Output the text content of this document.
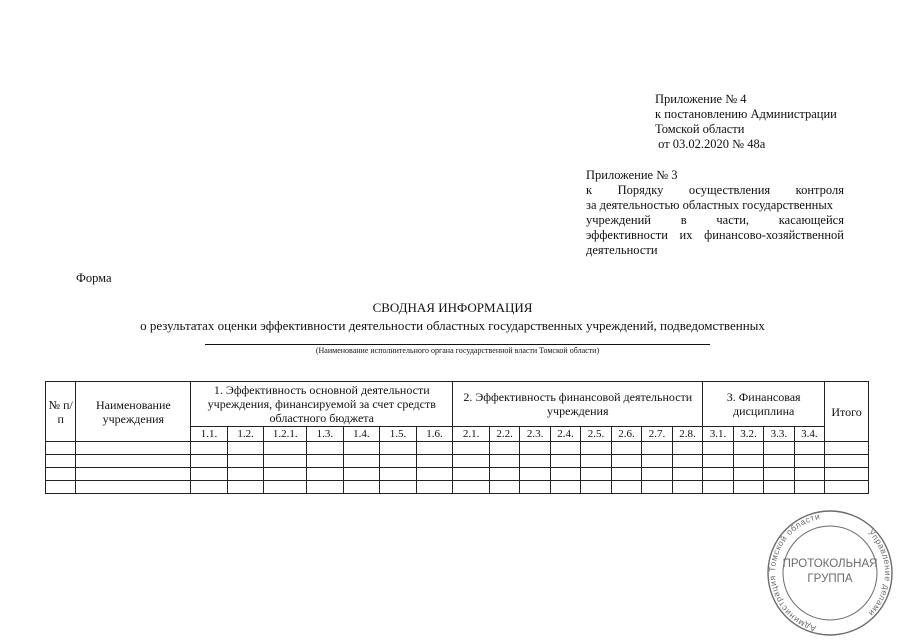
Приложение № 4
к постановлению Администрации
Томской области
от 03.02.2020 № 48а
Приложение № 3
к Порядку осуществления контроля
за деятельностью областных государственных
учреждений в части, касающейся
эффективности их финансово-хозяйственной
деятельности
Форма
СВОДНАЯ ИНФОРМАЦИЯ
о результатах оценки эффективности деятельности областных государственных учреждений, подведомственных
(Наименование исполнительного органа государственной власти Томской области)
№ п/п	Наименование учреждения	1. Эффективность основной деятельности учреждения, финансируемой за счет средств областного бюджета							2. Эффективность финансовой деятельности учреждения								3. Финансовая дисциплина				Итого
		1.1.	1.2.	1.2.1.	1.3.	1.4.	1.5.	1.6.	2.1.	2.2.	2.3.	2.4.	2.5.	2.6.	2.7.	2.8.	3.1.	3.2.	3.3.	3.4.	

Администрация Томской области
Управление делами
ПРОТОКОЛЬНАЯ
ГРУППА
